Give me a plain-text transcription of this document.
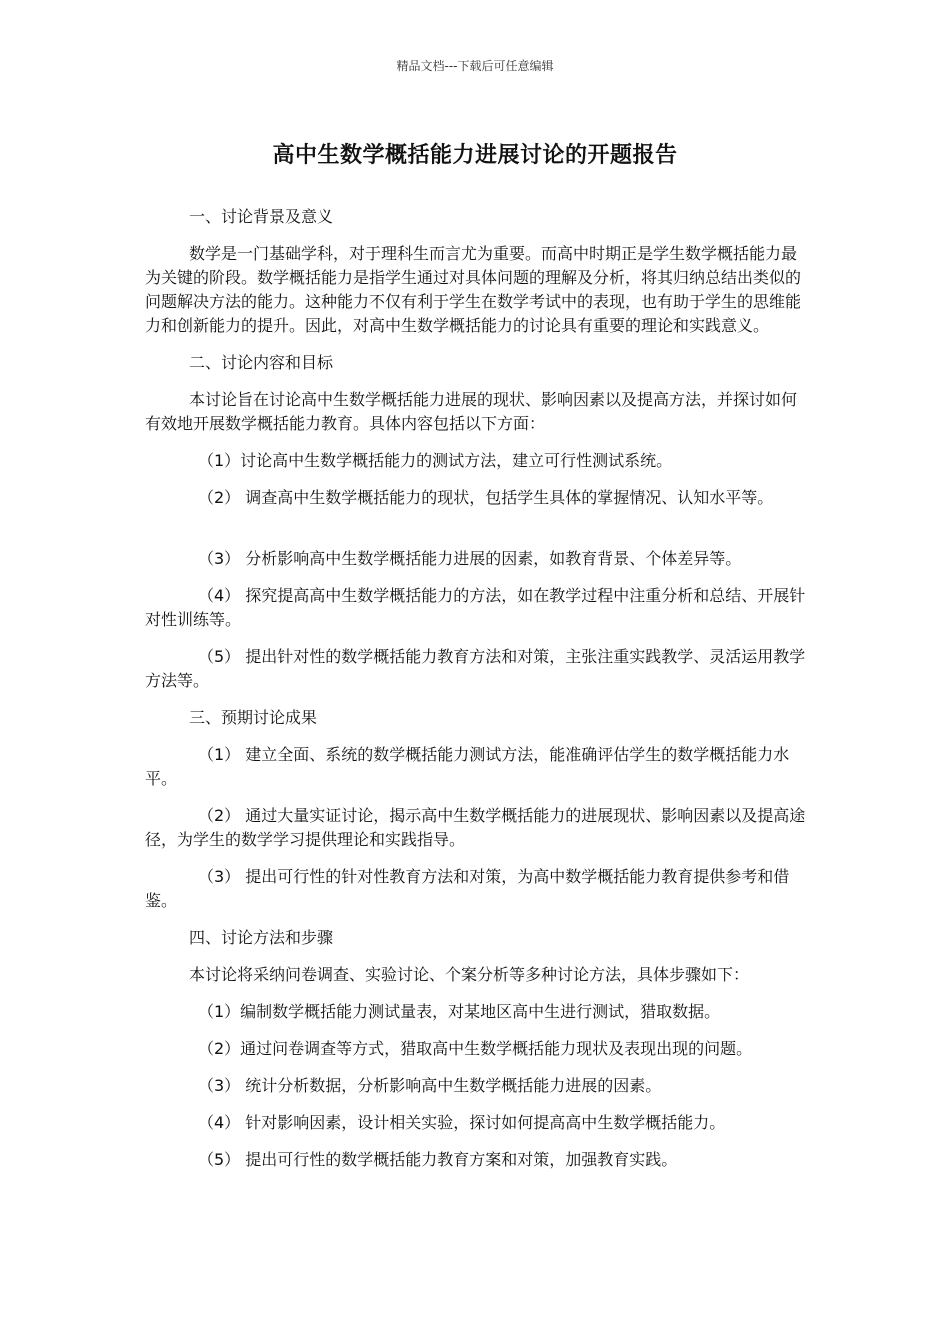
精品文档---下载后可任意编辑
高中生数学概括能力进展讨论的开题报告

一、讨论背景及意义

数学是一门基础学科，对于理科生而言尤为重要。而高中时期正是学生数学概括能力最为关键的阶段。数学概括能力是指学生通过对具体问题的理解及分析，将其归纳总结出类似的问题解决方法的能力。这种能力不仅有利于学生在数学考试中的表现，也有助于学生的思维能力和创新能力的提升。因此，对高中生数学概括能力的讨论具有重要的理论和实践意义。

二、讨论内容和目标

本讨论旨在讨论高中生数学概括能力进展的现状、影响因素以及提高方法，并探讨如何有效地开展数学概括能力教育。具体内容包括以下方面：

（1）讨论高中生数学概括能力的测试方法，建立可行性测试系统。

（2） 调查高中生数学概括能力的现状，包括学生具体的掌握情况、认知水平等。

（3） 分析影响高中生数学概括能力进展的因素，如教育背景、个体差异等。

（4） 探究提高高中生数学概括能力的方法，如在教学过程中注重分析和总结、开展针对性训练等。

（5） 提出针对性的数学概括能力教育方法和对策，主张注重实践教学、灵活运用教学方法等。

三、预期讨论成果

（1） 建立全面、系统的数学概括能力测试方法，能准确评估学生的数学概括能力水平。

（2） 通过大量实证讨论，揭示高中生数学概括能力的进展现状、影响因素以及提高途径，为学生的数学学习提供理论和实践指导。

（3） 提出可行性的针对性教育方法和对策，为高中数学概括能力教育提供参考和借鉴。

四、讨论方法和步骤

本讨论将采纳问卷调查、实验讨论、个案分析等多种讨论方法，具体步骤如下：

（1）编制数学概括能力测试量表，对某地区高中生进行测试，猎取数据。

（2）通过问卷调查等方式，猎取高中生数学概括能力现状及表现出现的问题。

（3） 统计分析数据，分析影响高中生数学概括能力进展的因素。

（4） 针对影响因素，设计相关实验，探讨如何提高高中生数学概括能力。

（5） 提出可行性的数学概括能力教育方案和对策，加强教育实践。
